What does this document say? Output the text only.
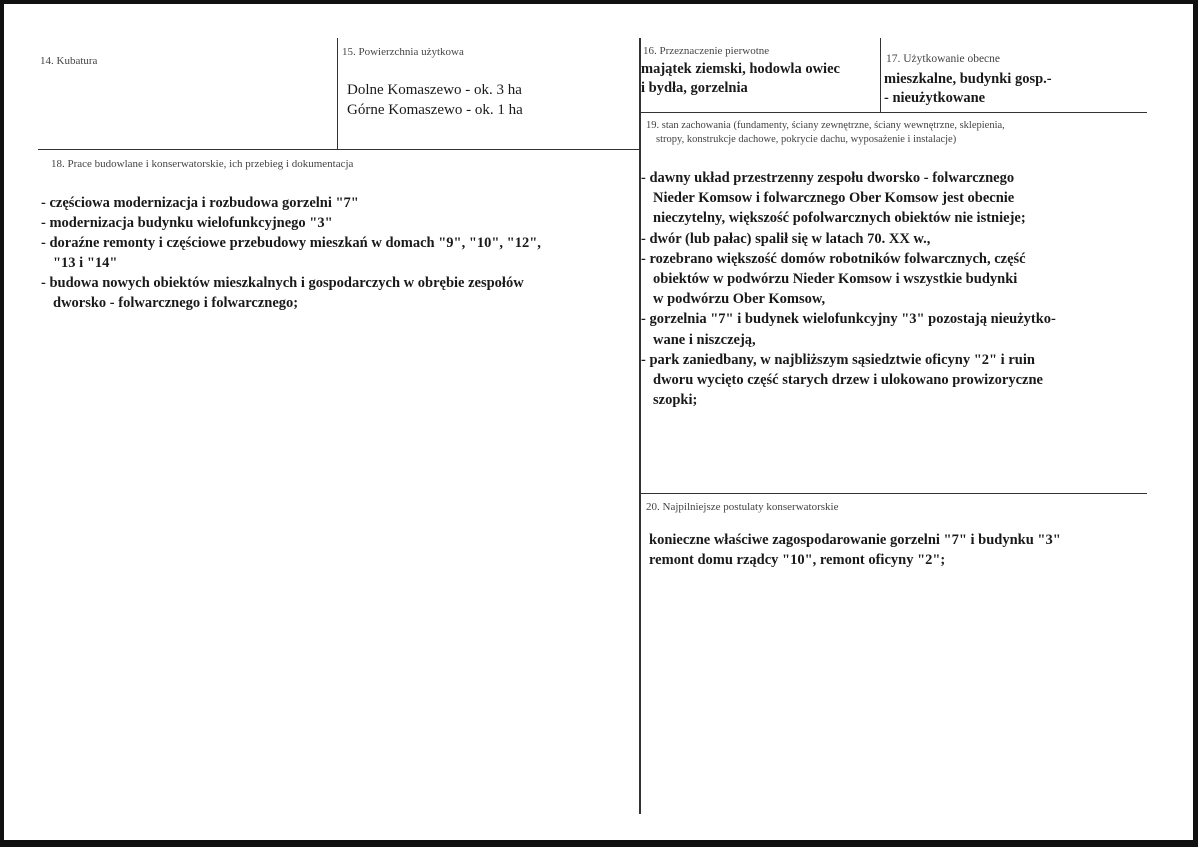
14. Kubatura
15. Powierzchnia użytkowa
Dolne Komaszewo - ok. 3 ha
Górne Komaszewo - ok. 1 ha
16. Przeznaczenie pierwotne
majątek ziemski, hodowla owiec
i bydła, gorzelnia
17. Użytkowanie obecne
mieszkalne, budynki gosp.-
- nieużytkowane
18. Prace budowlane i konserwatorskie, ich przebieg i dokumentacja
- częściowa modernizacja i rozbudowa gorzelni "7"
- modernizacja budynku wielofunkcyjnego "3"
- doraźne remonty i częściowe przebudowy mieszkań w domach "9", "10", "12",
"13 i "14"
- budowa nowych obiektów mieszkalnych i gospodarczych w obrębie zespołów
dworsko - folwarcznego i folwarcznego;
19. stan zachowania (fundamenty, ściany zewnętrzne, ściany wewnętrzne, sklepienia,
stropy, konstrukcje dachowe, pokrycie dachu, wyposażenie i instalacje)
- dawny układ przestrzenny zespołu dworsko - folwarcznego
Nieder Komsow i folwarcznego Ober Komsow jest obecnie
nieczytelny, większość pofolwarcznych obiektów nie istnieje;
- dwór (lub pałac) spalił się w latach 70. XX w.,
- rozebrano większość domów robotników folwarcznych, część
obiektów w podwórzu Nieder Komsow i wszystkie budynki
w podwórzu Ober Komsow,
- gorzelnia "7" i budynek wielofunkcyjny "3" pozostają nieużytko-
wane i niszczeją,
- park zaniedbany, w najbliższym sąsiedztwie oficyny "2" i ruin
dworu wycięto część starych drzew i ulokowano prowizoryczne
szopki;
20. Najpilniejsze postulaty konserwatorskie
konieczne właściwe zagospodarowanie gorzelni "7" i budynku "3"
remont domu rządcy "10", remont oficyny "2";
